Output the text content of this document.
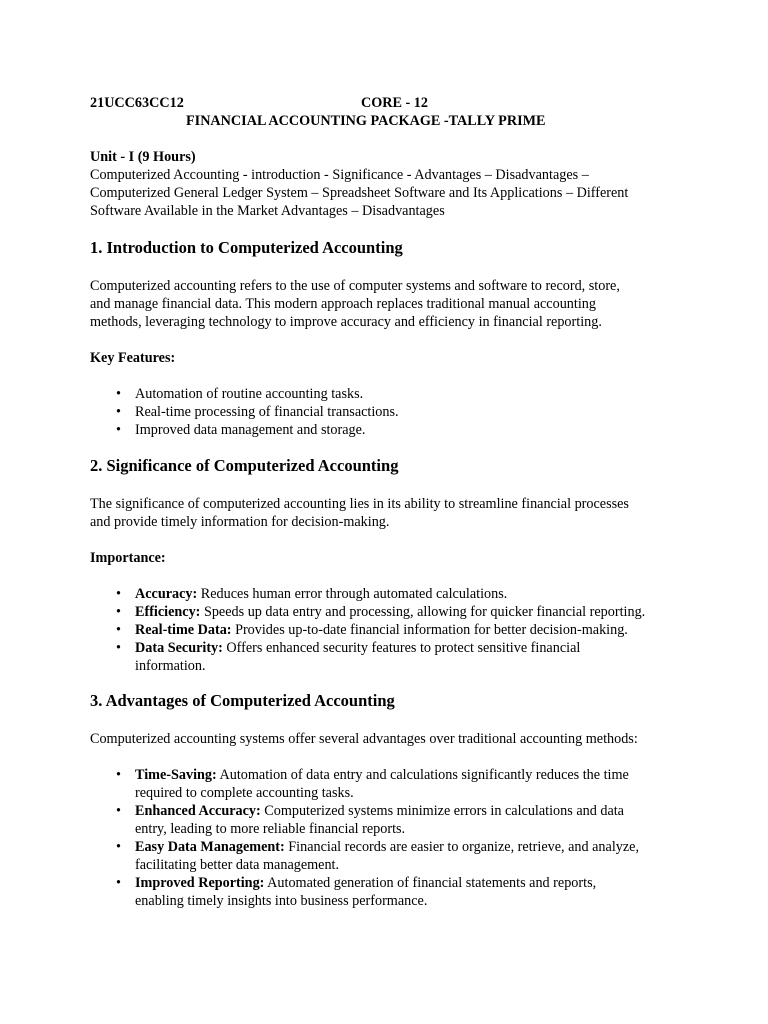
21UCC63CC12	CORE - 12
FINANCIAL ACCOUNTING PACKAGE -TALLY PRIME
Unit - I (9 Hours)
Computerized Accounting - introduction - Significance - Advantages – Disadvantages –
Computerized General Ledger System – Spreadsheet Software and Its Applications – Different
Software Available in the Market Advantages – Disadvantages
1. Introduction to Computerized Accounting
Computerized accounting refers to the use of computer systems and software to record, store,
and manage financial data. This modern approach replaces traditional manual accounting
methods, leveraging technology to improve accuracy and efficiency in financial reporting.
Key Features:
• Automation of routine accounting tasks.
• Real-time processing of financial transactions.
• Improved data management and storage.
2. Significance of Computerized Accounting
The significance of computerized accounting lies in its ability to streamline financial processes
and provide timely information for decision-making.
Importance:
• Accuracy: Reduces human error through automated calculations.
• Efficiency: Speeds up data entry and processing, allowing for quicker financial reporting.
• Real-time Data: Provides up-to-date financial information for better decision-making.
• Data Security: Offers enhanced security features to protect sensitive financial
information.
3. Advantages of Computerized Accounting
Computerized accounting systems offer several advantages over traditional accounting methods:
• Time-Saving: Automation of data entry and calculations significantly reduces the time
required to complete accounting tasks.
• Enhanced Accuracy: Computerized systems minimize errors in calculations and data
entry, leading to more reliable financial reports.
• Easy Data Management: Financial records are easier to organize, retrieve, and analyze,
facilitating better data management.
• Improved Reporting: Automated generation of financial statements and reports,
enabling timely insights into business performance.
